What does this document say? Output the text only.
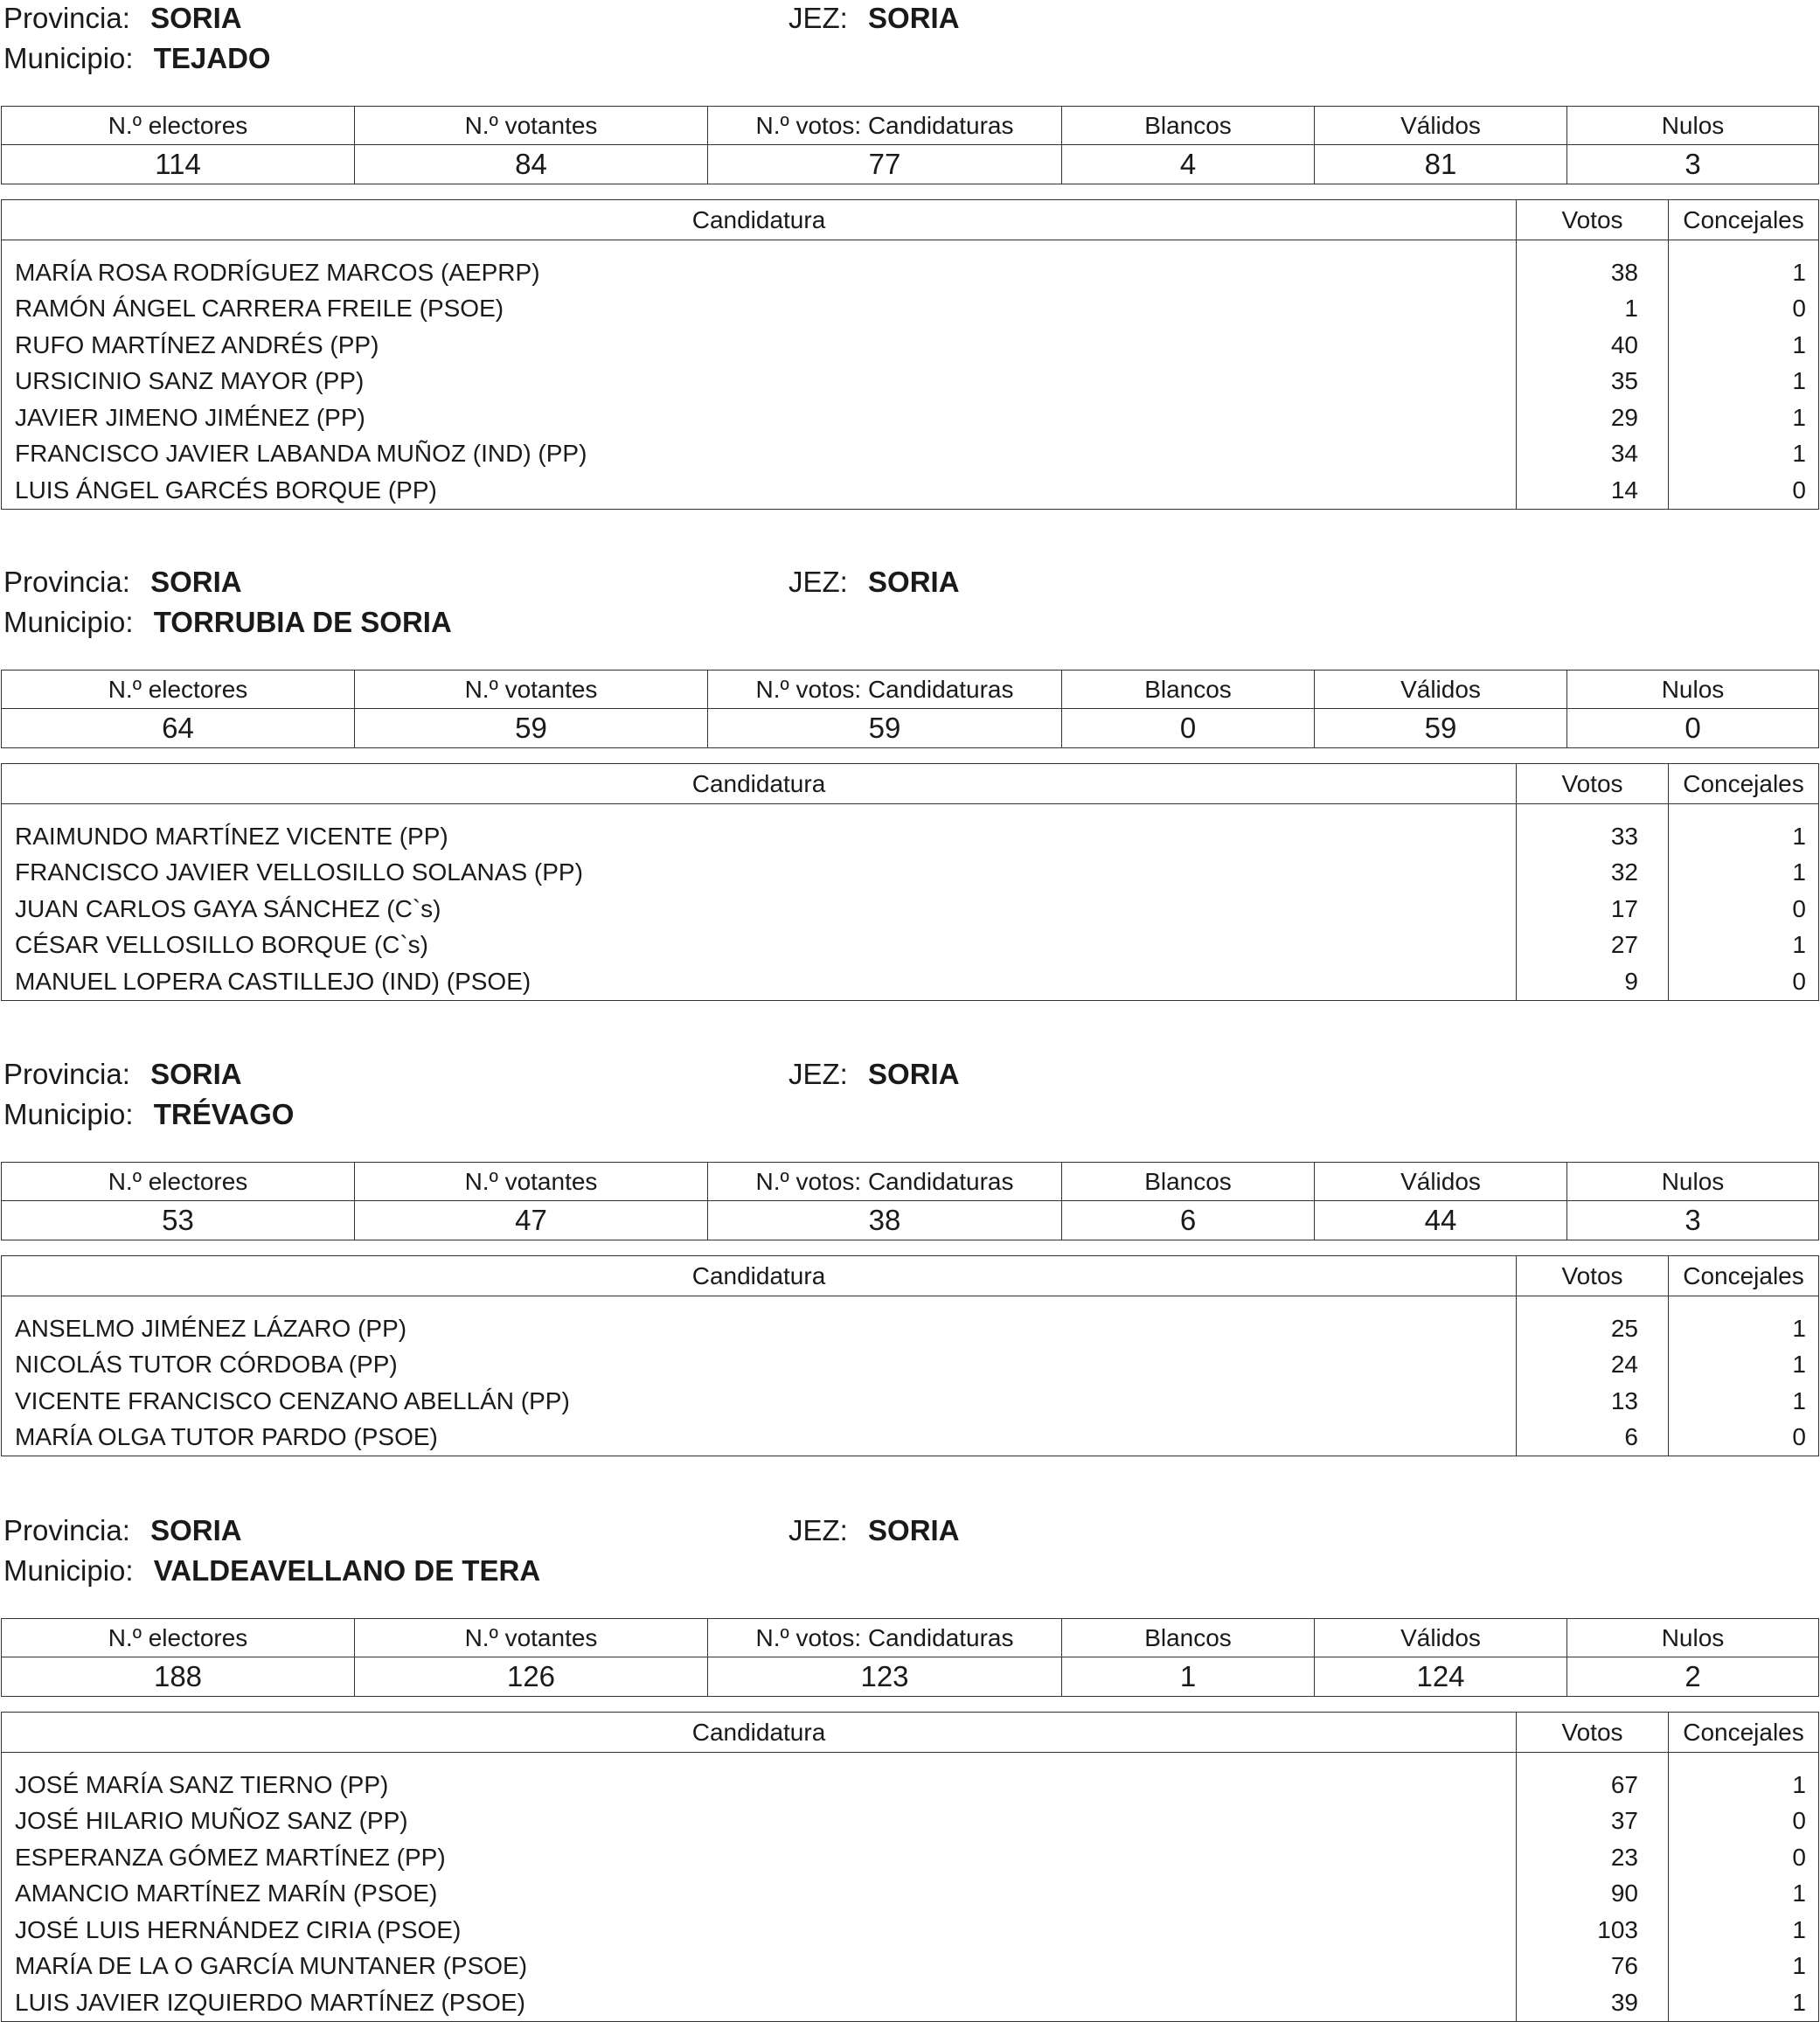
Provincia: SORIA	JEZ: SORIA
Municipio: TEJADO
N.º electores	N.º votantes	N.º votos: Candidaturas	Blancos	Válidos	Nulos
114	84	77	4	81	3
Candidatura	Votos	Concejales
MARÍA ROSA RODRÍGUEZ MARCOS (AEPRP)	38	1
RAMÓN ÁNGEL CARRERA FREILE (PSOE)	1	0
RUFO MARTÍNEZ ANDRÉS (PP)	40	1
URSICINIO SANZ MAYOR (PP)	35	1
JAVIER JIMENO JIMÉNEZ (PP)	29	1
FRANCISCO JAVIER LABANDA MUÑOZ (IND) (PP)	34	1
LUIS ÁNGEL GARCÉS BORQUE (PP)	14	0
Provincia: SORIA	JEZ: SORIA
Municipio: TORRUBIA DE SORIA
N.º electores	N.º votantes	N.º votos: Candidaturas	Blancos	Válidos	Nulos
64	59	59	0	59	0
Candidatura	Votos	Concejales
RAIMUNDO MARTÍNEZ VICENTE (PP)	33	1
FRANCISCO JAVIER VELLOSILLO SOLANAS (PP)	32	1
JUAN CARLOS GAYA SÁNCHEZ (C`s)	17	0
CÉSAR VELLOSILLO BORQUE (C`s)	27	1
MANUEL LOPERA CASTILLEJO (IND) (PSOE)	9	0
Provincia: SORIA	JEZ: SORIA
Municipio: TRÉVAGO
N.º electores	N.º votantes	N.º votos: Candidaturas	Blancos	Válidos	Nulos
53	47	38	6	44	3
Candidatura	Votos	Concejales
ANSELMO JIMÉNEZ LÁZARO (PP)	25	1
NICOLÁS TUTOR CÓRDOBA (PP)	24	1
VICENTE FRANCISCO CENZANO ABELLÁN (PP)	13	1
MARÍA OLGA TUTOR PARDO (PSOE)	6	0
Provincia: SORIA	JEZ: SORIA
Municipio: VALDEAVELLANO DE TERA
N.º electores	N.º votantes	N.º votos: Candidaturas	Blancos	Válidos	Nulos
188	126	123	1	124	2
Candidatura	Votos	Concejales
JOSÉ MARÍA SANZ TIERNO (PP)	67	1
JOSÉ HILARIO MUÑOZ SANZ (PP)	37	0
ESPERANZA GÓMEZ MARTÍNEZ (PP)	23	0
AMANCIO MARTÍNEZ MARÍN (PSOE)	90	1
JOSÉ LUIS HERNÁNDEZ CIRIA (PSOE)	103	1
MARÍA DE LA O GARCÍA MUNTANER (PSOE)	76	1
LUIS JAVIER IZQUIERDO MARTÍNEZ (PSOE)	39	1
